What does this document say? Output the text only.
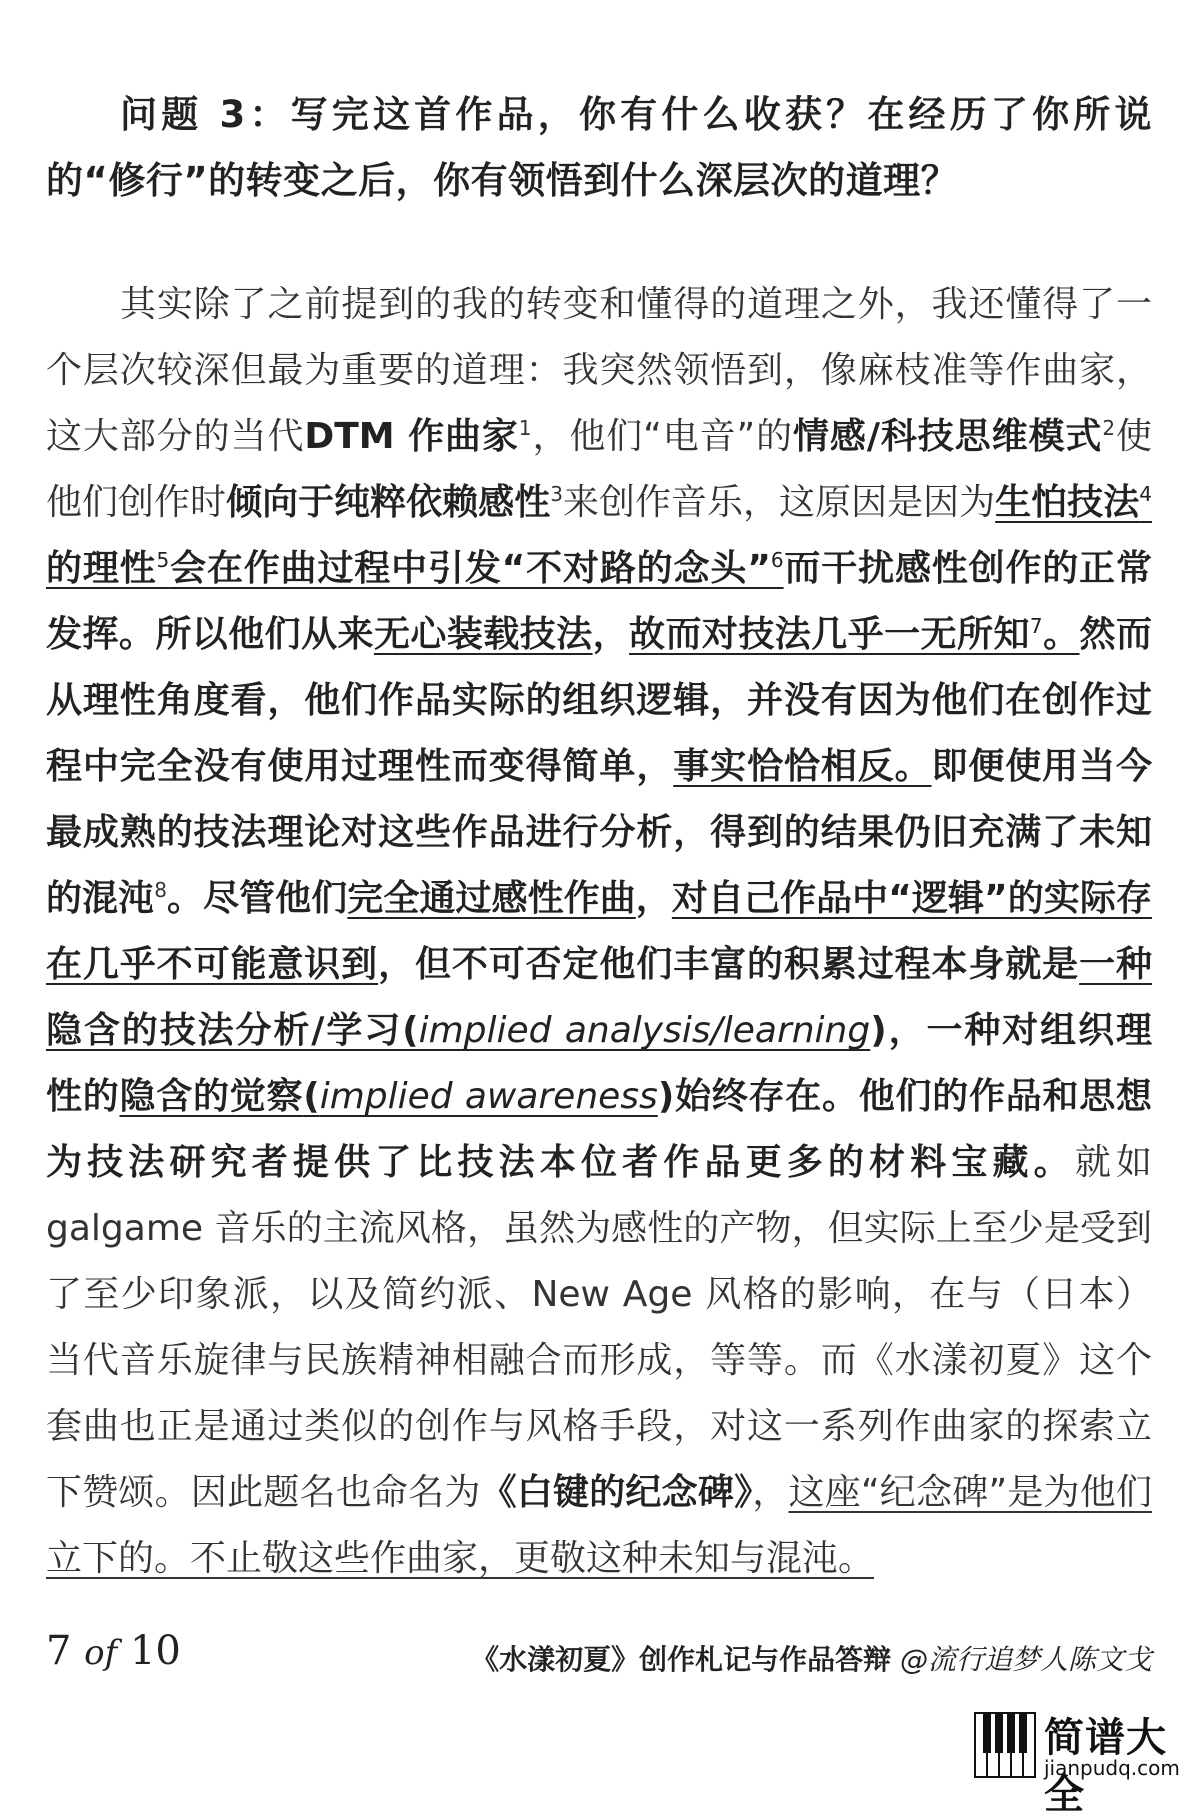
问题 3：写完这首作品，你有什么收获？在经历了你所说的“修行”的转变之后，你有领悟到什么深层次的道理？
其实除了之前提到的我的转变和懂得的道理之外，我还懂得了一个层次较深但最为重要的道理：我突然领悟到，像麻枝准等作曲家，这大部分的当代DTM 作曲家$^1$，他们“电音”的情感/科技思维模式$^2$使他们创作时倾向于纯粹依赖感性$^3$来创作音乐，这原因是因为生怕技法$^4$的理性$^5$会在作曲过程中引发“不对路的念头”$^6$而干扰感性创作的正常发挥。所以他们从来无心装载技法，故而对技法几乎一无所知$^7$。然而从理性角度看，他们作品实际的组织逻辑，并没有因为他们在创作过程中完全没有使用过理性而变得简单，事实恰恰相反。即便使用当今最成熟的技法理论对这些作品进行分析，得到的结果仍旧充满了未知的混沌$^8$。尽管他们完全通过感性作曲，对自己作品中“逻辑”的实际存在几乎不可能意识到，但不可否定他们丰富的积累过程本身就是一种隐含的技法分析/学习(implied analysis/learning)，一种对组织理性的隐含的觉察(implied awareness)始终存在。他们的作品和思想为技法研究者提供了比技法本位者作品更多的材料宝藏。就如 galgame 音乐的主流风格，虽然为感性的产物，但实际上至少是受到了至少印象派，以及简约派、New Age 风格的影响，在与（日本）当代音乐旋律与民族精神相融合而形成，等等。而《水漾初夏》这个套曲也正是通过类似的创作与风格手段，对这一系列作曲家的探索立下赞颂。因此题名也命名为《白键的纪念碑》，这座“纪念碑”是为他们立下的。不止敬这些作曲家，更敬这种未知与混沌。
7 of 10	《水漾初夏》创作札记与作品答辩 @流行追梦人陈文戈
简谱大全
jianpudq.com
